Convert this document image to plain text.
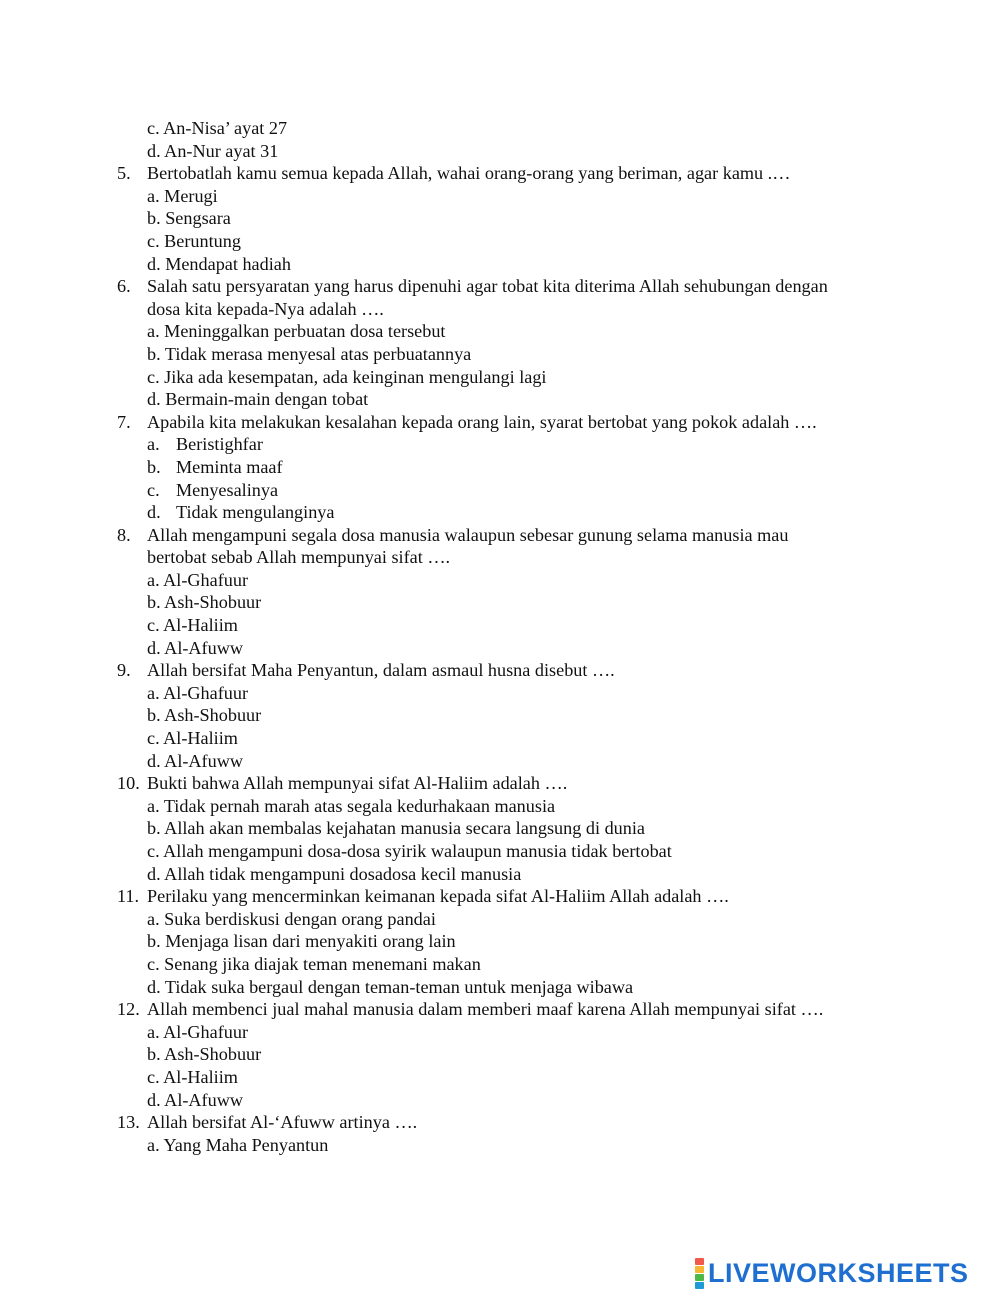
c. An-Nisa’ ayat 27
d. An-Nur ayat 31
5. Bertobatlah kamu semua kepada Allah, wahai orang-orang yang beriman, agar kamu .…
a. Merugi
b. Sengsara
c. Beruntung
d. Mendapat hadiah
6. Salah satu persyaratan yang harus dipenuhi agar tobat kita diterima Allah sehubungan dengan
dosa kita kepada-Nya adalah ….
a. Meninggalkan perbuatan dosa tersebut
b. Tidak merasa menyesal atas perbuatannya
c. Jika ada kesempatan, ada keinginan mengulangi lagi
d. Bermain-main dengan tobat
7. Apabila kita melakukan kesalahan kepada orang lain, syarat bertobat yang pokok adalah ….
a. Beristighfar
b. Meminta maaf
c. Menyesalinya
d. Tidak mengulanginya
8. Allah mengampuni segala dosa manusia walaupun sebesar gunung selama manusia mau
bertobat sebab Allah mempunyai sifat ….
a. Al-Ghafuur
b. Ash-Shobuur
c. Al-Haliim
d. Al-Afuww
9. Allah bersifat Maha Penyantun, dalam asmaul husna disebut ….
a. Al-Ghafuur
b. Ash-Shobuur
c. Al-Haliim
d. Al-Afuww
10. Bukti bahwa Allah mempunyai sifat Al-Haliim adalah ….
a. Tidak pernah marah atas segala kedurhakaan manusia
b. Allah akan membalas kejahatan manusia secara langsung di dunia
c. Allah mengampuni dosa-dosa syirik walaupun manusia tidak bertobat
d. Allah tidak mengampuni dosadosa kecil manusia
11. Perilaku yang mencerminkan keimanan kepada sifat Al-Haliim Allah adalah ….
a. Suka berdiskusi dengan orang pandai
b. Menjaga lisan dari menyakiti orang lain
c. Senang jika diajak teman menemani makan
d. Tidak suka bergaul dengan teman-teman untuk menjaga wibawa
12. Allah membenci jual mahal manusia dalam memberi maaf karena Allah mempunyai sifat ….
a. Al-Ghafuur
b. Ash-Shobuur
c. Al-Haliim
d. Al-Afuww
13. Allah bersifat Al-‘Afuww artinya ….
a. Yang Maha Penyantun
LIVEWORKSHEETS
